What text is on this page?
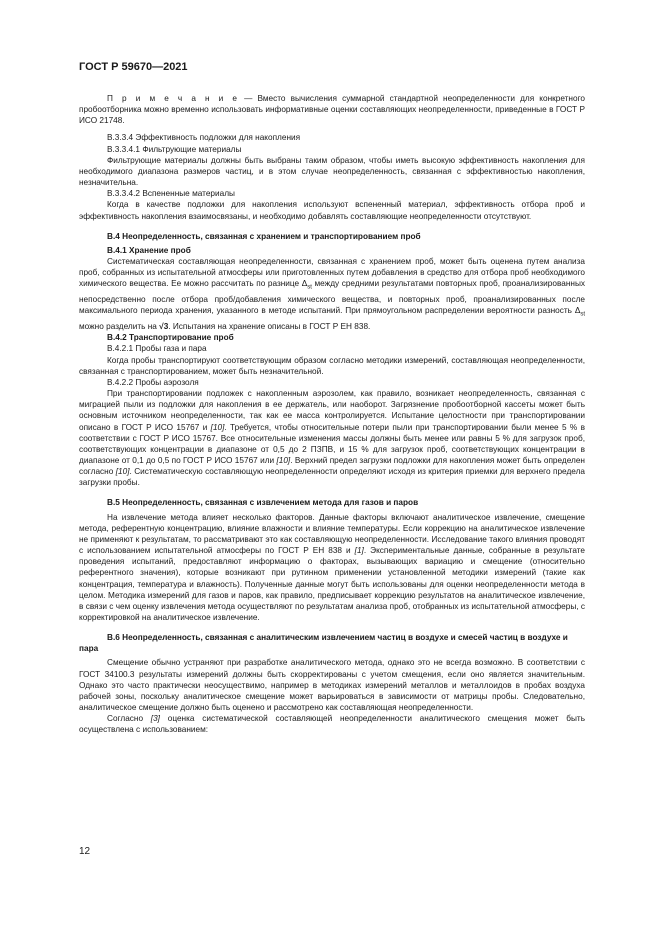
ГОСТ Р 59670—2021

П р и м е ч а н и е — Вместо вычисления суммарной стандартной неопределенности для конкретного пробоотборника можно временно использовать информативные оценки составляющих неопределенности, приведенные в ГОСТ Р ИСО 21748.

В.3.3.4 Эффективность подложки для накопления

В.3.3.4.1 Фильтрующие материалы

Фильтрующие материалы должны быть выбраны таким образом, чтобы иметь высокую эффективность накопления для необходимого диапазона размеров частиц, и в этом случае неопределенность, связанная с эффективностью накопления, незначительна.

В.3.3.4.2 Вспененные материалы

Когда в качестве подложки для накопления используют вспененный материал, эффективность отбора проб и эффективность накопления взаимосвязаны, и необходимо добавлять составляющие неопределенности отсутствуют.

В.4 Неопределенность, связанная с хранением и транспортированием проб
В.4.1 Хранение проб

Систематическая составляющая неопределенности, связанная с хранением проб, может быть оценена путем анализа проб, собранных из испытательной атмосферы или приготовленных путем добавления в средство для отбора проб необходимого химического вещества. Ее можно рассчитать по разнице $\Delta_{st}$ между средними результатами повторных проб, проанализированных непосредственно после отбора проб/добавления химического вещества, и повторных проб, проанализированных после максимального периода хранения, указанного в методе испытаний. При прямоугольном распределении вероятности разность $\Delta_{st}$ можно разделить на √3. Испытания на хранение описаны в ГОСТ Р ЕН 838.

В.4.2 Транспортирование проб

В.4.2.1 Пробы газа и пара

Когда пробы транспортируют соответствующим образом согласно методики измерений, составляющая неопределенности, связанная с транспортированием, может быть незначительной.

В.4.2.2 Пробы аэрозоля

При транспортировании подложек с накопленным аэрозолем, как правило, возникает неопределенность, связанная с миграцией пыли из подложки для накопления в ее держатель, или наоборот. Загрязнение пробоотборной кассеты может быть основным источником неопределенности, так как ее масса контролируется. Испытание целостности при транспортировании описано в ГОСТ Р ИСО 15767 и [10]. Требуется, чтобы относительные потери пыли при транспортировании были менее 5 % в соответствии с ГОСТ Р ИСО 15767. Все относительные изменения массы должны быть менее или равны 5 % для загрузок проб, соответствующих концентрации в диапазоне от 0,5 до 2 ПЗПВ, и 15 % для загрузок проб, соответствующих концентрации в диапазоне от 0,1 до 0,5 по ГОСТ Р ИСО 15767 или [10]. Верхний предел загрузки подложки для накопления может быть определен согласно [10]. Систематическую составляющую неопределенности определяют исходя из критерия приемки для верхнего предела загрузки пробы.

В.5 Неопределенность, связанная с извлечением метода для газов и паров

На извлечение метода влияет несколько факторов. Данные факторы включают аналитическое извлечение, смещение метода, референтную концентрацию, влияние влажности и влияние температуры. Если коррекцию на аналитическое извлечение не применяют к результатам, то рассматривают это как составляющую неопределенности. Исследование такого влияния проводят с использованием испытательной атмосферы по ГОСТ Р ЕН 838 и [1]. Экспериментальные данные, собранные в результате проведения испытаний, предоставляют информацию о факторах, вызывающих вариацию и смещение (относительно референтного значения), которые возникают при рутинном применении установленной методики измерений (такие как концентрация, температура и влажность). Полученные данные могут быть использованы для оценки неопределенности метода в целом. Методика измерений для газов и паров, как правило, предписывает коррекцию результатов на аналитическое извлечение, в связи с чем оценку извлечения метода осуществляют по результатам анализа проб, отобранных из испытательной атмосферы, с корректировкой на аналитическое извлечение.

В.6 Неопределенность, связанная с аналитическим извлечением частиц в воздухе и смесей частиц в воздухе и пара

Смещение обычно устраняют при разработке аналитического метода, однако это не всегда возможно. В соответствии с ГОСТ 34100.3 результаты измерений должны быть скорректированы с учетом смещения, если оно является значительным. Однако это часто практически неосуществимо, например в методиках измерений металлов и металлоидов в пробах воздуха рабочей зоны, поскольку аналитическое смещение может варьироваться в зависимости от матрицы пробы. Следовательно, аналитическое смещение должно быть оценено и рассмотрено как составляющая неопределенности.

Согласно [3] оценка систематической составляющей неопределенности аналитического смещения может быть осуществлена с использованием:

12
